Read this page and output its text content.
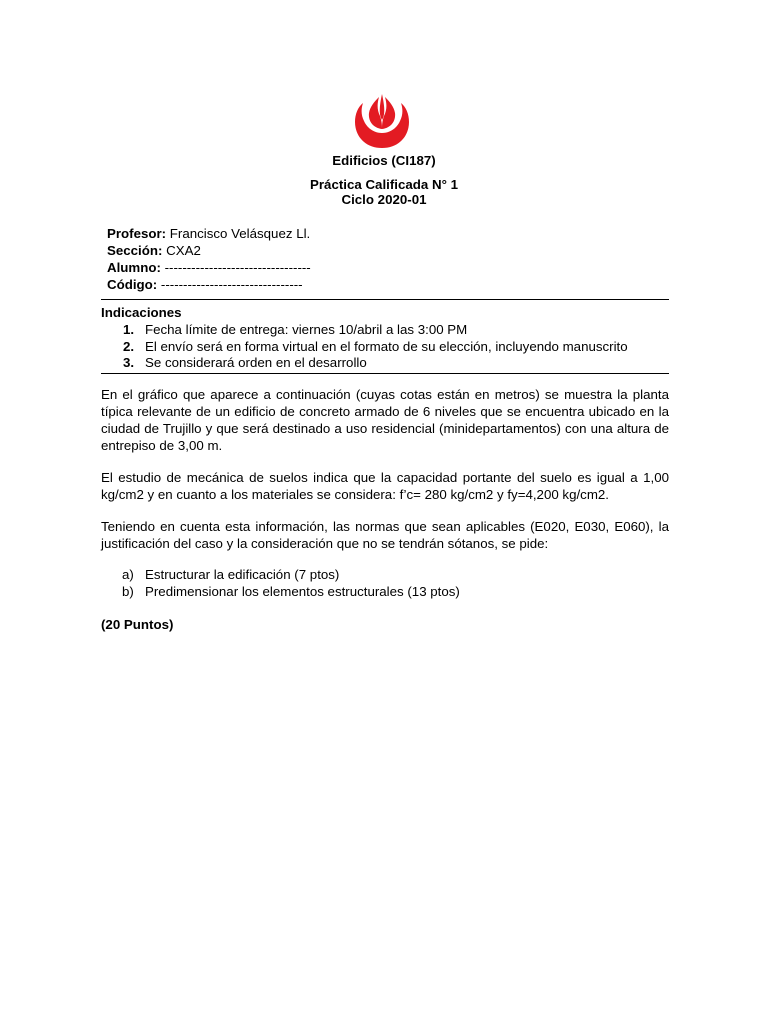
Edificios (CI187)
Práctica Calificada N° 1
Ciclo 2020-01
Profesor: Francisco Velásquez Ll.
Sección: CXA2
Alumno: ---------------------------------
Código: --------------------------------
Indicaciones
1. Fecha límite de entrega: viernes 10/abril a las 3:00 PM
2. El envío será en forma virtual en el formato de su elección, incluyendo manuscrito
3. Se considerará orden en el desarrollo

En el gráfico que aparece a continuación (cuyas cotas están en metros) se muestra la planta típica relevante de un edificio de concreto armado de 6 niveles que se encuentra ubicado en la ciudad de Trujillo y que será destinado a uso residencial (minidepartamentos) con una altura de entrepiso de 3,00 m.

El estudio de mecánica de suelos indica que la capacidad portante del suelo es igual a 1,00 kg/cm2 y en cuanto a los materiales se considera: f’c= 280 kg/cm2 y fy=4,200 kg/cm2.

Teniendo en cuenta esta información, las normas que sean aplicables (E020, E030, E060), la justificación del caso y la consideración que no se tendrán sótanos, se pide:

a) Estructurar la edificación (7 ptos)
b) Predimensionar los elementos estructurales (13 ptos)
(20 Puntos)
